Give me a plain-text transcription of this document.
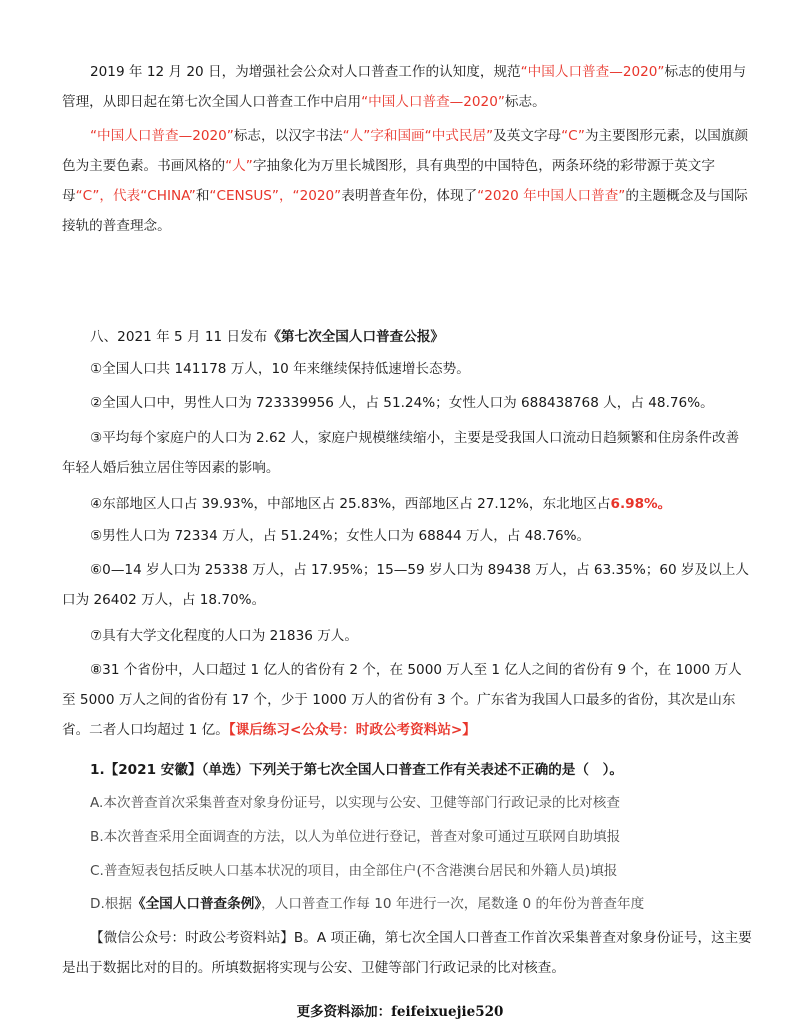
2019 年 12 月 20 日，为增强社会公众对人口普查工作的认知度，规范“中国人口普查—2020”标志的使用与管理，从即日起在第七次全国人口普查工作中启用“中国人口普查—2020”标志。

“中国人口普查—2020”标志，以汉字书法“人”字和国画“中式民居”及英文字母“C”为主要图形元素，以国旗颜色为主要色素。书画风格的“人”字抽象化为万里长城图形，具有典型的中国特色，两条环绕的彩带源于英文字母“C”，代表“CHINA”和“CENSUS”，“2020”表明普查年份，体现了“2020 年中国人口普查”的主题概念及与国际接轨的普查理念。

八、2021 年 5 月 11 日发布《第七次全国人口普查公报》

①全国人口共 141178 万人，10 年来继续保持低速增长态势。

②全国人口中，男性人口为 723339956 人，占 51.24%；女性人口为 688438768 人，占 48.76%。

③平均每个家庭户的人口为 2.62 人，家庭户规模继续缩小，主要是受我国人口流动日趋频繁和住房条件改善年轻人婚后独立居住等因素的影响。

④东部地区人口占 39.93%，中部地区占 25.83%，西部地区占 27.12%，东北地区占6.98%。

⑤男性人口为 72334 万人，占 51.24%；女性人口为 68844 万人，占 48.76%。

⑥0—14 岁人口为 25338 万人，占 17.95%；15—59 岁人口为 89438 万人，占 63.35%；60 岁及以上人口为 26402 万人，占 18.70%。

⑦具有大学文化程度的人口为 21836 万人。

⑧31 个省份中，人口超过 1 亿人的省份有 2 个，在 5000 万人至 1 亿人之间的省份有 9 个，在 1000 万人至 5000 万人之间的省份有 17 个，少于 1000 万人的省份有 3 个。广东省为我国人口最多的省份，其次是山东省。二者人口均超过 1 亿。【课后练习<公众号：时政公考资料站>】

1.【2021 安徽】（单选）下列关于第七次全国人口普查工作有关表述不正确的是（　）。

A.本次普查首次采集普查对象身份证号，以实现与公安、卫健等部门行政记录的比对核查

B.本次普查采用全面调查的方法，以人为单位进行登记，普查对象可通过互联网自助填报

C.普查短表包括反映人口基本状况的项目，由全部住户(不含港澳台居民和外籍人员)填报

D.根据《全国人口普查条例》，人口普查工作每 10 年进行一次，尾数逢 0 的年份为普查年度

【微信公众号：时政公考资料站】B。A 项正确，第七次全国人口普查工作首次采集普查对象身份证号，这主要是出于数据比对的目的。所填数据将实现与公安、卫健等部门行政记录的比对核查。

更多资料添加：feifeixuejie520
